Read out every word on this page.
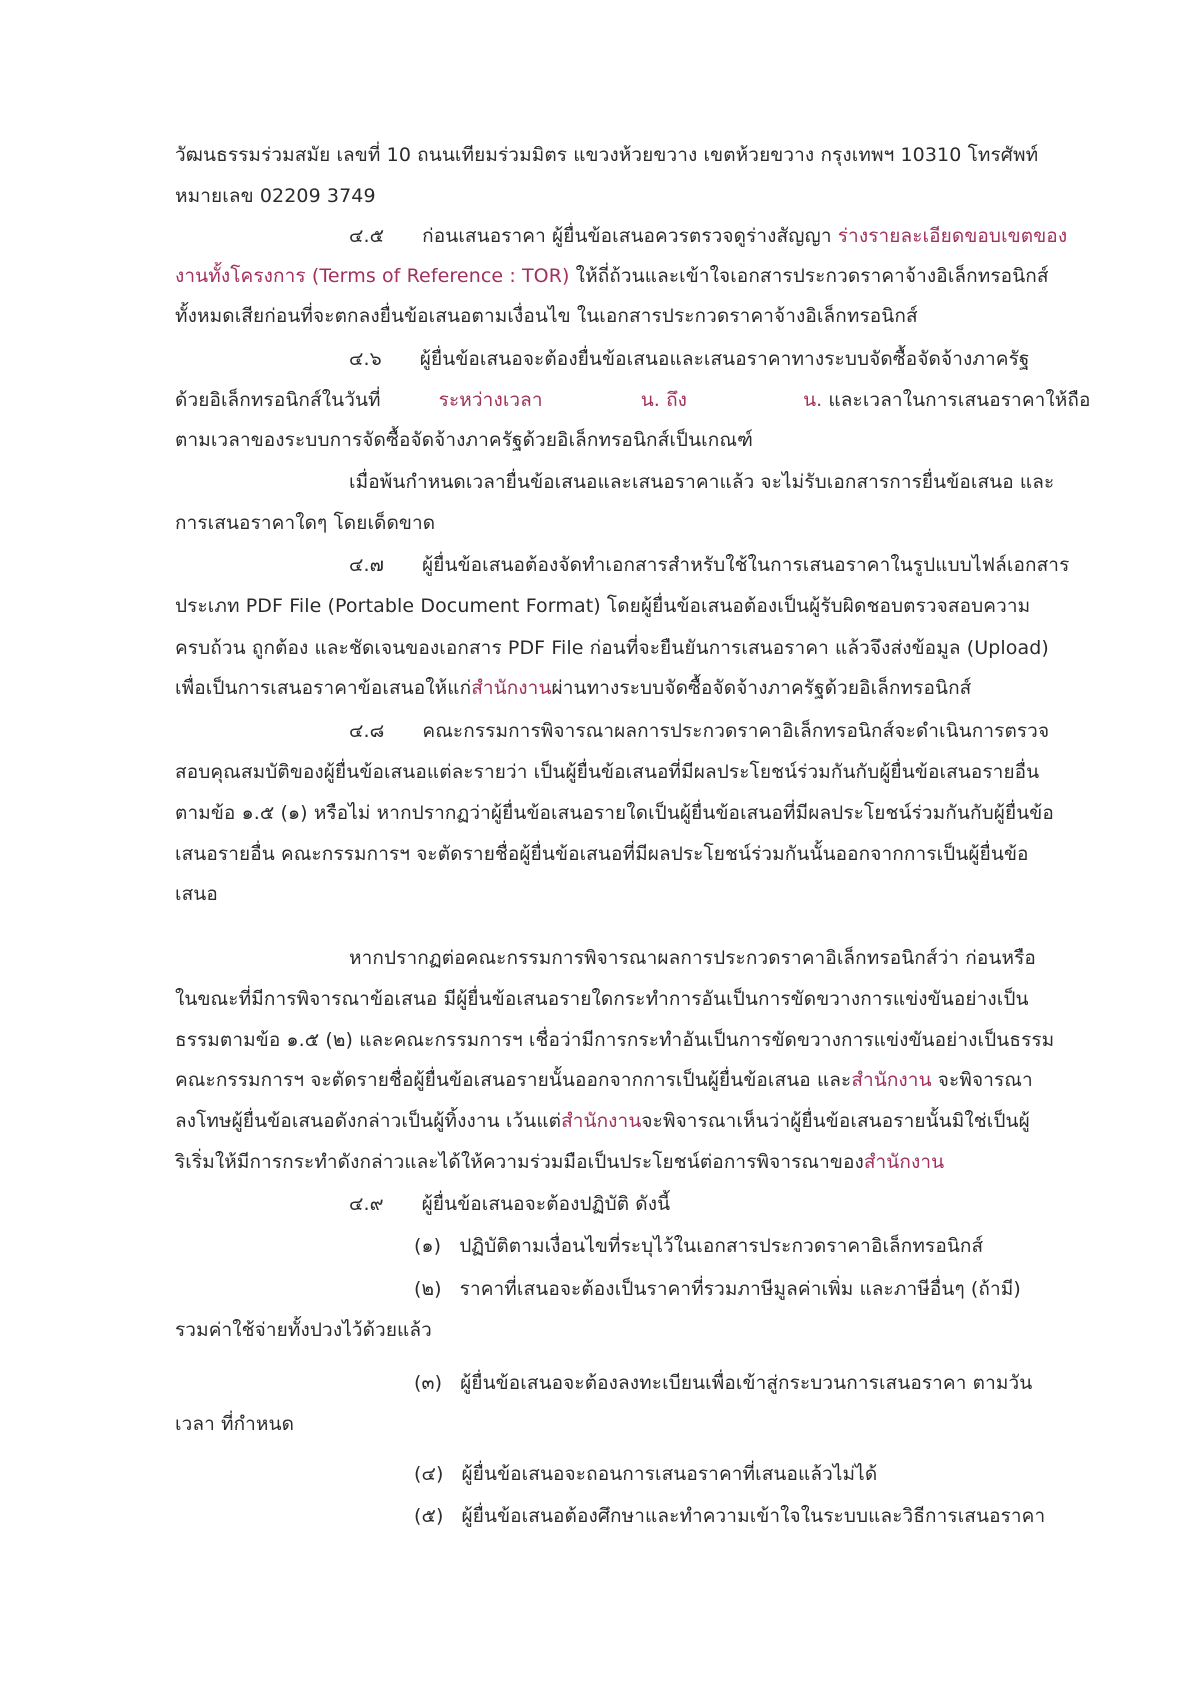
วัฒนธรรมร่วมสมัย เลขที่ 10 ถนนเทียมร่วมมิตร แขวงห้วยขวาง เขตห้วยขวาง กรุงเทพฯ 10310 โทรศัพท์
หมายเลข 02209 3749
๔.๕ ก่อนเสนอราคา ผู้ยื่นข้อเสนอควรตรวจดูร่างสัญญา ร่างรายละเอียดขอบเขตของ
งานทั้งโครงการ (Terms of Reference : TOR) ให้ถี่ถ้วนและเข้าใจเอกสารประกวดราคาจ้างอิเล็กทรอนิกส์
ทั้งหมดเสียก่อนที่จะตกลงยื่นข้อเสนอตามเงื่อนไข ในเอกสารประกวดราคาจ้างอิเล็กทรอนิกส์
๔.๖ ผู้ยื่นข้อเสนอจะต้องยื่นข้อเสนอและเสนอราคาทางระบบจัดซื้อจัดจ้างภาครัฐ
ด้วยอิเล็กทรอนิกส์ในวันที่	ระหว่างเวลา	น. ถึง	น. และเวลาในการเสนอราคาให้ถือ
ตามเวลาของระบบการจัดซื้อจัดจ้างภาครัฐด้วยอิเล็กทรอนิกส์เป็นเกณฑ์
เมื่อพ้นกำหนดเวลายื่นข้อเสนอและเสนอราคาแล้ว จะไม่รับเอกสารการยื่นข้อเสนอ และ
การเสนอราคาใดๆ โดยเด็ดขาด
๔.๗ ผู้ยื่นข้อเสนอต้องจัดทำเอกสารสำหรับใช้ในการเสนอราคาในรูปแบบไฟล์เอกสาร
ประเภท PDF File (Portable Document Format) โดยผู้ยื่นข้อเสนอต้องเป็นผู้รับผิดชอบตรวจสอบความ
ครบถ้วน ถูกต้อง และชัดเจนของเอกสาร PDF File ก่อนที่จะยืนยันการเสนอราคา แล้วจึงส่งข้อมูล (Upload)
เพื่อเป็นการเสนอราคาข้อเสนอให้แก่สำนักงานผ่านทางระบบจัดซื้อจัดจ้างภาครัฐด้วยอิเล็กทรอนิกส์
๔.๘ คณะกรรมการพิจารณาผลการประกวดราคาอิเล็กทรอนิกส์จะดำเนินการตรวจ
สอบคุณสมบัติของผู้ยื่นข้อเสนอแต่ละรายว่า เป็นผู้ยื่นข้อเสนอที่มีผลประโยชน์ร่วมกันกับผู้ยื่นข้อเสนอรายอื่น
ตามข้อ ๑.๕ (๑) หรือไม่ หากปรากฏว่าผู้ยื่นข้อเสนอรายใดเป็นผู้ยื่นข้อเสนอที่มีผลประโยชน์ร่วมกันกับผู้ยื่นข้อ
เสนอรายอื่น คณะกรรมการฯ จะตัดรายชื่อผู้ยื่นข้อเสนอที่มีผลประโยชน์ร่วมกันนั้นออกจากการเป็นผู้ยื่นข้อ
เสนอ
หากปรากฏต่อคณะกรรมการพิจารณาผลการประกวดราคาอิเล็กทรอนิกส์ว่า ก่อนหรือ
ในขณะที่มีการพิจารณาข้อเสนอ มีผู้ยื่นข้อเสนอรายใดกระทำการอันเป็นการขัดขวางการแข่งขันอย่างเป็น
ธรรมตามข้อ ๑.๕ (๒) และคณะกรรมการฯ เชื่อว่ามีการกระทำอันเป็นการขัดขวางการแข่งขันอย่างเป็นธรรม
คณะกรรมการฯ จะตัดรายชื่อผู้ยื่นข้อเสนอรายนั้นออกจากการเป็นผู้ยื่นข้อเสนอ และสำนักงาน จะพิจารณา
ลงโทษผู้ยื่นข้อเสนอดังกล่าวเป็นผู้ทิ้งงาน เว้นแต่สำนักงานจะพิจารณาเห็นว่าผู้ยื่นข้อเสนอรายนั้นมิใช่เป็นผู้
ริเริ่มให้มีการกระทำดังกล่าวและได้ให้ความร่วมมือเป็นประโยชน์ต่อการพิจารณาของสำนักงาน
๔.๙ ผู้ยื่นข้อเสนอจะต้องปฏิบัติ ดังนี้
(๑) ปฏิบัติตามเงื่อนไขที่ระบุไว้ในเอกสารประกวดราคาอิเล็กทรอนิกส์
(๒) ราคาที่เสนอจะต้องเป็นราคาที่รวมภาษีมูลค่าเพิ่ม และภาษีอื่นๆ (ถ้ามี)
รวมค่าใช้จ่ายทั้งปวงไว้ด้วยแล้ว
(๓) ผู้ยื่นข้อเสนอจะต้องลงทะเบียนเพื่อเข้าสู่กระบวนการเสนอราคา ตามวัน
เวลา ที่กำหนด
(๔) ผู้ยื่นข้อเสนอจะถอนการเสนอราคาที่เสนอแล้วไม่ได้
(๕) ผู้ยื่นข้อเสนอต้องศึกษาและทำความเข้าใจในระบบและวิธีการเสนอราคา
